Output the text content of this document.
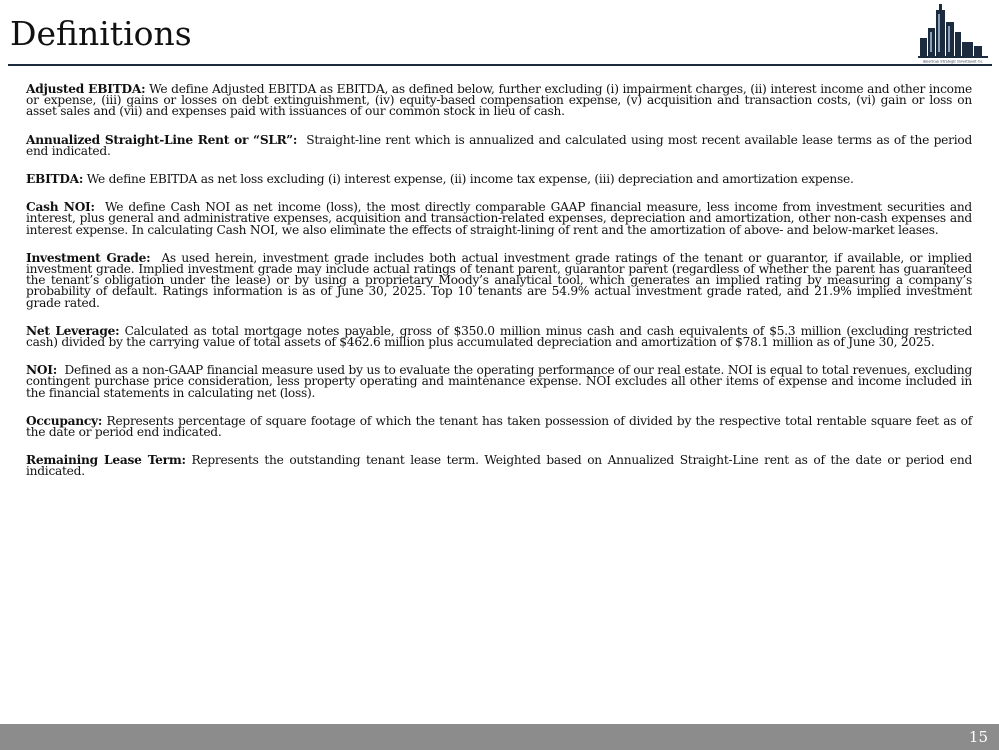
Definitions
American Strategic Investment Co.

Adjusted EBITDA: We define Adjusted EBITDA as EBITDA, as defined below, further excluding (i) impairment charges, (ii) interest income and other income or expense, (iii) gains or losses on debt extinguishment, (iv) equity-based compensation expense, (v) acquisition and transaction costs, (vi) gain or loss on asset sales and (vii) and expenses paid with issuances of our common stock in lieu of cash.

Annualized Straight-Line Rent or “SLR”: Straight-line rent which is annualized and calculated using most recent available lease terms as of the period end indicated.

EBITDA: We define EBITDA as net loss excluding (i) interest expense, (ii) income tax expense, (iii) depreciation and amortization expense.

Cash NOI: We define Cash NOI as net income (loss), the most directly comparable GAAP financial measure, less income from investment securities and interest, plus general and administrative expenses, acquisition and transaction-related expenses, depreciation and amortization, other non-cash expenses and interest expense. In calculating Cash NOI, we also eliminate the effects of straight-lining of rent and the amortization of above- and below-market leases.

Investment Grade: As used herein, investment grade includes both actual investment grade ratings of the tenant or guarantor, if available, or implied investment grade. Implied investment grade may include actual ratings of tenant parent, guarantor parent (regardless of whether the parent has guaranteed the tenant’s obligation under the lease) or by using a proprietary Moody’s analytical tool, which generates an implied rating by measuring a company’s probability of default. Ratings information is as of June 30, 2025. Top 10 tenants are 54.9% actual investment grade rated, and 21.9% implied investment grade rated.

Net Leverage: Calculated as total mortgage notes payable, gross of $350.0 million minus cash and cash equivalents of $5.3 million (excluding restricted cash) divided by the carrying value of total assets of $462.6 million plus accumulated depreciation and amortization of $78.1 million as of June 30, 2025.

NOI: Defined as a non-GAAP financial measure used by us to evaluate the operating performance of our real estate. NOI is equal to total revenues, excluding contingent purchase price consideration, less property operating and maintenance expense. NOI excludes all other items of expense and income included in the financial statements in calculating net (loss).

Occupancy: Represents percentage of square footage of which the tenant has taken possession of divided by the respective total rentable square feet as of the date or period end indicated.

Remaining Lease Term: Represents the outstanding tenant lease term. Weighted based on Annualized Straight-Line rent as of the date or period end indicated.

15
